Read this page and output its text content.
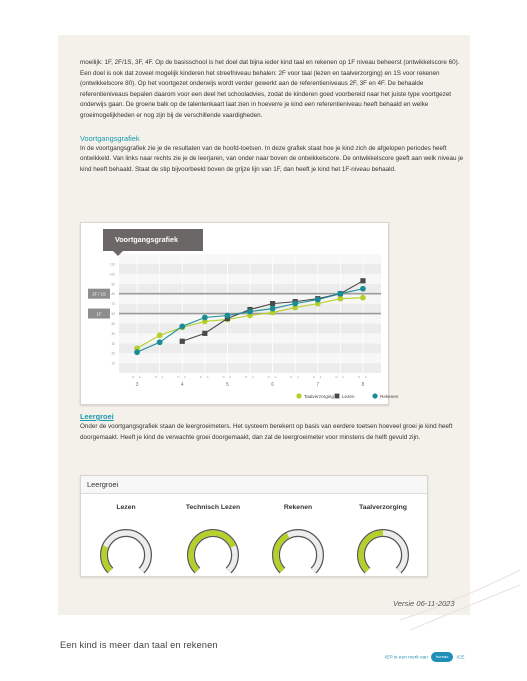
moeilijk: 1F, 2F/1S, 3F, 4F. Op de basisschool is het doel dat bijna ieder kind taal en rekenen op 1F niveau beheerst (ontwikkelscore 60). Een doel is ook dat zoveel mogelijk kinderen het streefniveau behalen: 2F voor taal (lezen en taalverzorging) en 1S voor rekenen (ontwikkelscore 80). Op het voortgezet onderwijs wordt verder gewerkt aan de referentieniveaus 2F, 3F en 4F. De behaalde referentieniveaus bepalen daarom voor een deel het schooladvies, zodat de kinderen goed voorbereid naar het juiste type voortgezet onderwijs gaan. De groene balk op de talentenkaart laat zien in hoeverre je kind een referentieniveau heeft behaald en welke groeimogelijkheden er nog zijn bij de verschillende vaardigheden.

Voortgangsgrafiek

In de voortgangsgrafiek zie je de resultaten van de hoofd-toetsen. In deze grafiek staat hoe je kind zich de afgelopen periodes heeft ontwikkeld. Van links naar rechts zie je de leerjaren, van onder naar boven de ontwikkelscore. De ontwikkelscore geeft aan welk niveau je kind heeft behaald. Staat de stip bijvoorbeeld boven de grijze lijn van 1F, dan heeft je kind het 1F-niveau behaald.

10
20
30
40
50
60
70
80
90
100
110
2F / 1S
1F
M E	M E	M E	M E	M E	M E	M E	M E	M E	M E	M E
3	4	5	6	7	8
Taalverzorging Lezen	Rekenen
Voortgangsgrafiek
Leergroei

Onder de voortgangsgrafiek staan de leergroeimeters. Het systeem berekent op basis van eerdere toetsen hoeveel groei je kind heeft doorgemaakt. Heeft je kind de verwachte groei doorgemaakt, dan zal de leergroeimeter voor minstens de helft gevuld zijn.

Leergroei
Lezen	Technisch Lezen	Rekenen	Taalverzorging
Versie 06-11-2023
Een kind is meer dan taal en rekenen
IEP is een merk van bureau ICE
